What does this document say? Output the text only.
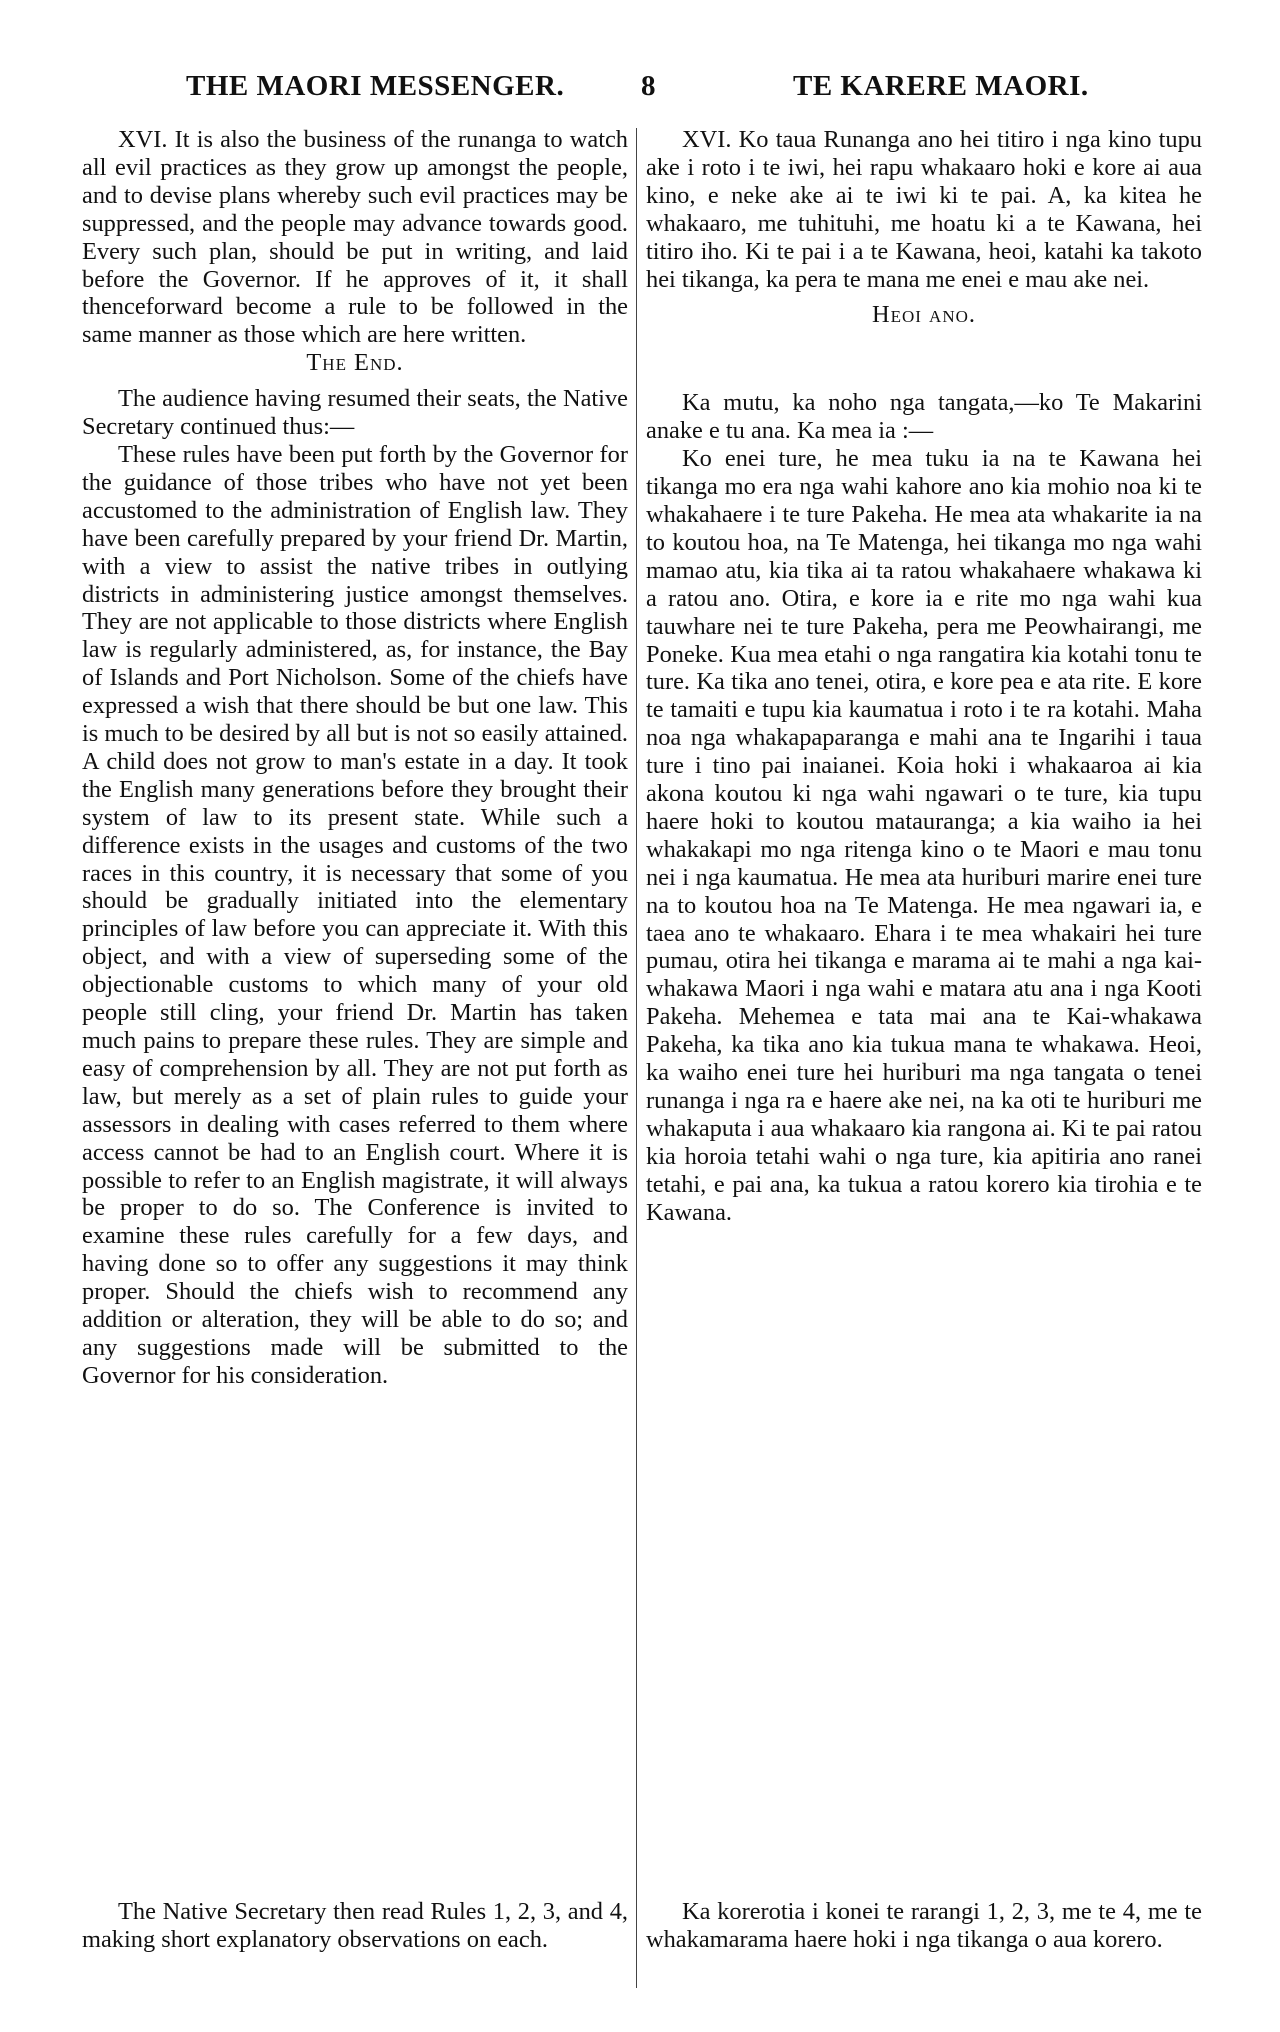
THE MAORI MESSENGER.	8	TE KARERE MAORI.

XVI. It is also the business of the runanga to watch all evil practices as they grow up amongst the people, and to devise plans whereby such evil practices may be suppressed, and the people may advance towards good. Every such plan, should be put in writing, and laid before the Governor. If he approves of it, it shall thenceforward become a rule to be followed in the same manner as those which are here written.

The End.

The audience having resumed their seats, the Native Secretary continued thus:—

These rules have been put forth by the Governor for the guidance of those tribes who have not yet been accustomed to the administration of English law. They have been carefully prepared by your friend Dr. Martin, with a view to assist the native tribes in outlying districts in administering justice amongst themselves. They are not applicable to those districts where English law is regularly administered, as, for instance, the Bay of Islands and Port Nicholson. Some of the chiefs have expressed a wish that there should be but one law. This is much to be desired by all but is not so easily attained. A child does not grow to man's estate in a day. It took the English many generations before they brought their system of law to its present state. While such a difference exists in the usages and customs of the two races in this country, it is necessary that some of you should be gradually initiated into the elementary principles of law before you can appreciate it. With this object, and with a view of superseding some of the objectionable customs to which many of your old people still cling, your friend Dr. Martin has taken much pains to prepare these rules. They are simple and easy of comprehension by all. They are not put forth as law, but merely as a set of plain rules to guide your assessors in dealing with cases referred to them where access cannot be had to an English court. Where it is possible to refer to an English magistrate, it will always be proper to do so. The Conference is invited to examine these rules carefully for a few days, and having done so to offer any suggestions it may think proper. Should the chiefs wish to recommend any addition or alteration, they will be able to do so; and any suggestions made will be submitted to the Governor for his consideration.

The Native Secretary then read Rules 1, 2, 3, and 4, making short explanatory observations on each.

XVI. Ko taua Runanga ano hei titiro i nga kino tupu ake i roto i te iwi, hei rapu whakaaro hoki e kore ai aua kino, e neke ake ai te iwi ki te pai. A, ka kitea he whakaaro, me tuhituhi, me hoatu ki a te Kawana, hei titiro iho. Ki te pai i a te Kawana, heoi, katahi ka takoto hei tikanga, ka pera te mana me enei e mau ake nei.

Heoi ano.

Ka mutu, ka noho nga tangata,—ko Te Makarini anake e tu ana. Ka mea ia :—

Ko enei ture, he mea tuku ia na te Kawana hei tikanga mo era nga wahi kahore ano kia mohio noa ki te whakahaere i te ture Pakeha. He mea ata whakarite ia na to koutou hoa, na Te Matenga, hei tikanga mo nga wahi mamao atu, kia tika ai ta ratou whakahaere whakawa ki a ratou ano. Otira, e kore ia e rite mo nga wahi kua tauwhare nei te ture Pakeha, pera me Peowhairangi, me Poneke. Kua mea etahi o nga rangatira kia kotahi tonu te ture. Ka tika ano tenei, otira, e kore pea e ata rite. E kore te tamaiti e tupu kia kaumatua i roto i te ra kotahi. Maha noa nga whakapaparanga e mahi ana te Ingarihi i taua ture i tino pai inaianei. Koia hoki i whakaaroa ai kia akona koutou ki nga wahi ngawari o te ture, kia tupu haere hoki to koutou matauranga; a kia waiho ia hei whakakapi mo nga ritenga kino o te Maori e mau tonu nei i nga kaumatua. He mea ata huriburi marire enei ture na to koutou hoa na Te Matenga. He mea ngawari ia, e taea ano te whakaaro. Ehara i te mea whakairi hei ture pumau, otira hei tikanga e marama ai te mahi a nga kai-whakawa Maori i nga wahi e matara atu ana i nga Kooti Pakeha. Mehemea e tata mai ana te Kai-whakawa Pakeha, ka tika ano kia tukua mana te whakawa. Heoi, ka waiho enei ture hei huriburi ma nga tangata o tenei runanga i nga ra e haere ake nei, na ka oti te huriburi me whakaputa i aua whakaaro kia rangona ai. Ki te pai ratou kia horoia tetahi wahi o nga ture, kia apitiria ano ranei tetahi, e pai ana, ka tukua a ratou korero kia tirohia e te Kawana.

Ka korerotia i konei te rarangi 1, 2, 3, me te 4, me te whakamarama haere hoki i nga tikanga o aua korero.
